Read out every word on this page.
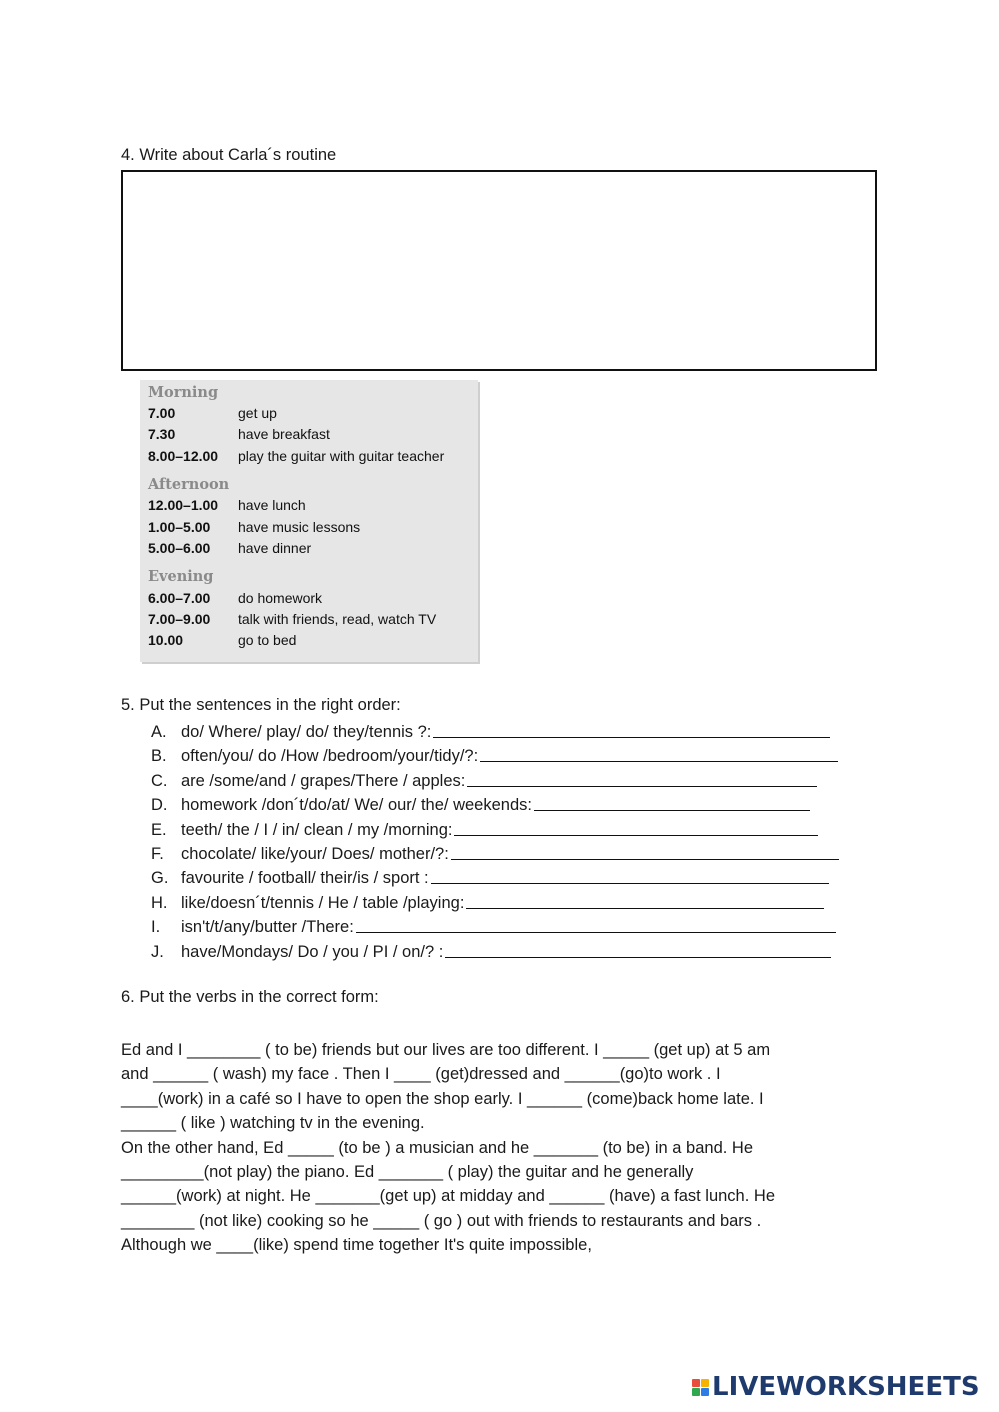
4. Write about Carla´s routine
Morning
7.00	get up
7.30	have breakfast
8.00–12.00	play the guitar with guitar teacher
Afternoon
12.00–1.00	have lunch
1.00–5.00	have music lessons
5.00–6.00	have dinner
Evening
6.00–7.00	do homework
7.00–9.00	talk with friends, read, watch TV
10.00	go to bed
5. Put the sentences in the right order:
A. do/ Where/ play/ do/ they/tennis ?:
B. often/you/ do /How /bedroom/your/tidy/?:
C. are /some/and / grapes/There / apples:
D. homework /don´t/do/at/ We/ our/ the/ weekends:
E. teeth/ the / I / in/ clean / my /morning:
F.	chocolate/ like/your/ Does/ mother/?:
G. favourite / football/ their/is / sport :
H. like/doesn´t/tennis / He / table /playing:
I.	isn't/t/any/butter /There:
J.	have/Mondays/ Do / you / PI / on/? :
6. Put the verbs in the correct form:
Ed and I ________ ( to be) friends but our lives are too different. I _____ (get up) at 5 am
and ______ ( wash) my face . Then I ____ (get)dressed and ______(go)to work . I
____(work) in a café so I have to open the shop early. I ______ (come)back home late. I
______ ( like ) watching tv in the evening.
On the other hand, Ed _____ (to be ) a musician and he _______ (to be) in a band. He
_________(not play) the piano. Ed _______ ( play) the guitar and he generally
______(work) at night. He _______(get up) at midday and ______ (have) a fast lunch. He
________ (not like) cooking so he _____ ( go ) out with friends to restaurants and bars .
Although we ____(like) spend time together It's quite impossible,
LIVEWORKSHEETS
